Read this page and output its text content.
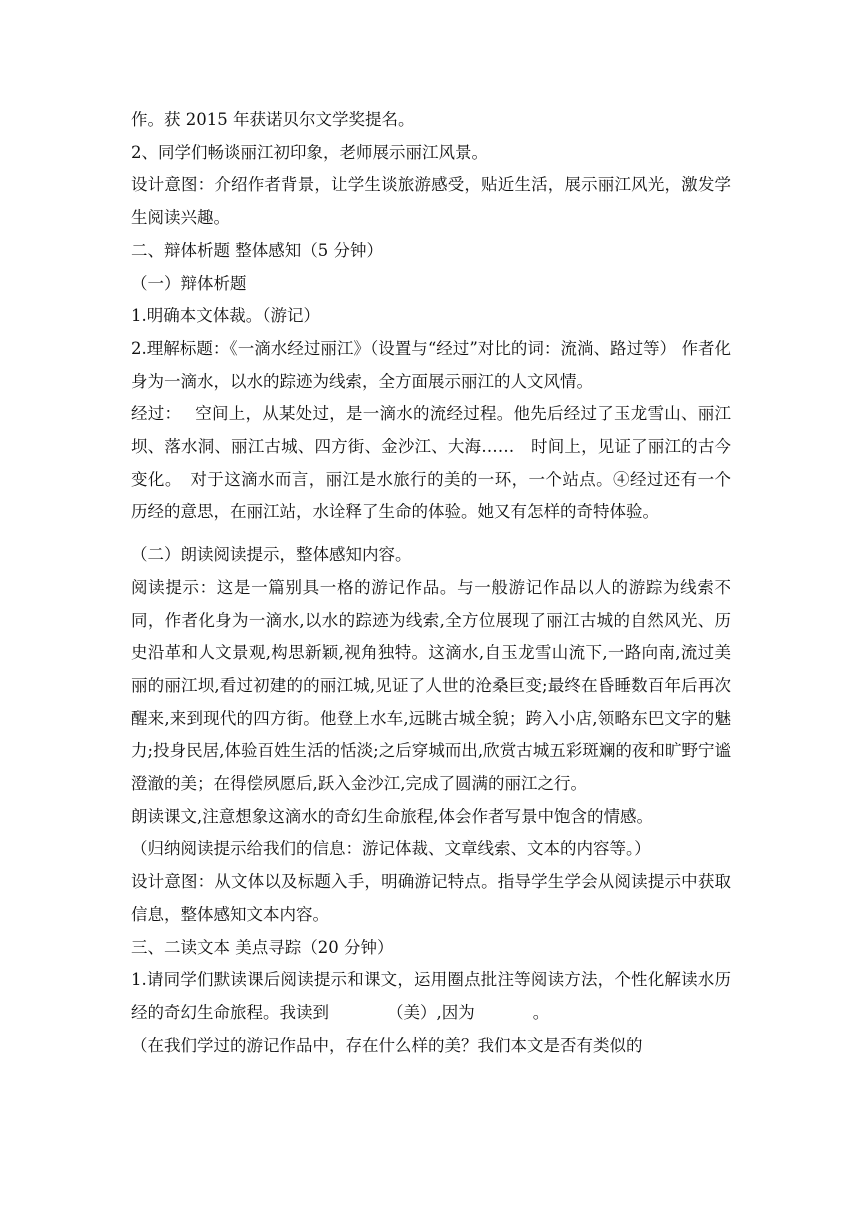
作。获 2015 年获诺贝尔文学奖提名。

2、同学们畅谈丽江初印象，老师展示丽江风景。

设计意图：介绍作者背景，让学生谈旅游感受，贴近生活，展示丽江风光，激发学生阅读兴趣。

二、辩体析题 整体感知（5 分钟）

（一）辩体析题

1.明确本文体裁。（游记）

2.理解标题：《一滴水经过丽江》（设置与“经过”对比的词：流淌、路过等） 作者化身为一滴水，以水的踪迹为线索，全方面展示丽江的人文风情。

经过：　 空间上，从某处过，是一滴水的流经过程。他先后经过了玉龙雪山、丽江坝、落水洞、丽江古城、四方街、金沙江、大海……　时间上，见证了丽江的古今变化。　对于这滴水而言，丽江是水旅行的美的一环，一个站点。④经过还有一个历经的意思，在丽江站，水诠释了生命的体验。她又有怎样的奇特体验。

（二）朗读阅读提示，整体感知内容。

阅读提示：这是一篇别具一格的游记作品。与一般游记作品以人的游踪为线索不同，作者化身为一滴水,以水的踪迹为线索,全方位展现了丽江古城的自然风光、历史沿革和人文景观,构思新颖,视角独特。这滴水,自玉龙雪山流下,一路向南,流过美丽的丽江坝,看过初建的的丽江城,见证了人世的沧桑巨变;最终在昏睡数百年后再次醒来,来到现代的四方街。他登上水车,远眺古城全貌；跨入小店,领略东巴文字的魅力;投身民居,体验百姓生活的恬淡;之后穿城而出,欣赏古城五彩斑斓的夜和旷野宁谧澄澈的美；在得偿夙愿后,跃入金沙江,完成了圆满的丽江之行。

朗读课文,注意想象这滴水的奇幻生命旅程,体会作者写景中饱含的情感。

（归纳阅读提示给我们的信息：游记体裁、文章线索、文本的内容等。）

设计意图：从文体以及标题入手，明确游记特点。指导学生学会从阅读提示中获取信息，整体感知文本内容。

三、二读文本 美点寻踪（20 分钟）

1.请同学们默读课后阅读提示和课文，运用圈点批注等阅读方法，个性化解读水历经的奇幻生命旅程。我读到	（美）,因为	。

（在我们学过的游记作品中，存在什么样的美？我们本文是否有类似的
